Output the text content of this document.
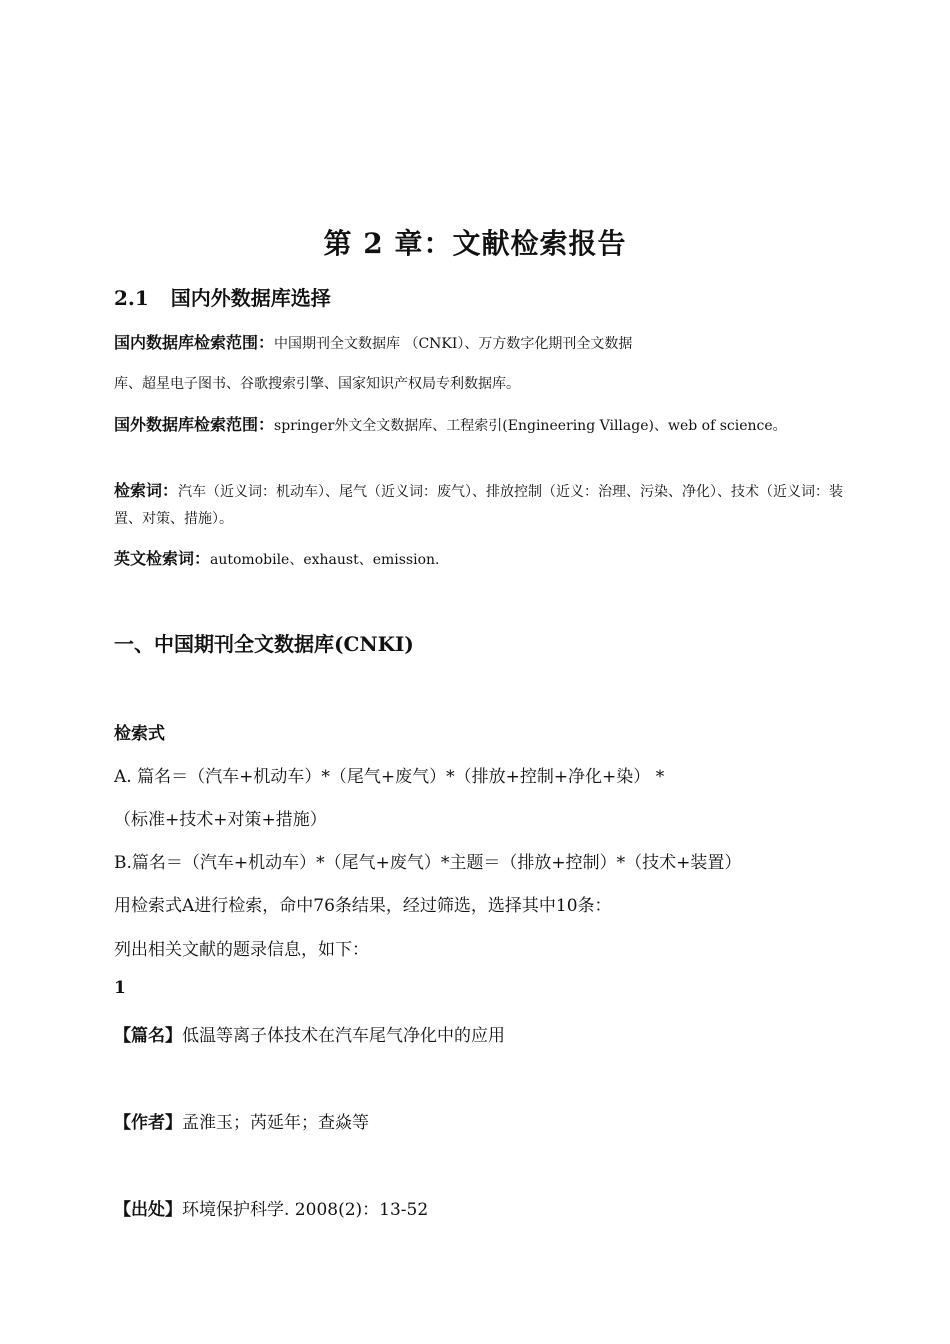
第 2 章：文献检索报告
2.1 国内外数据库选择
国内数据库检索范围：中国期刊全文数据库 （CNKI）、万方数字化期刊全文数据
库、超星电子图书、谷歌搜索引擎、国家知识产权局专利数据库。
国外数据库检索范围：springer外文全文数据库、工程索引(Engineering Village)、web of science。
检索词：汽车（近义词：机动车）、尾气（近义词：废气）、排放控制（近义：治理、污染、净化）、技术（近义词：装置、对策、措施）。
英文检索词：automobile、exhaust、emission.
一、中国期刊全文数据库(CNKI)
检索式
A. 篇名＝（汽车+机动车）*（尾气+废气）*（排放+控制+净化+染） *
（标准+技术+对策+措施）
B.篇名＝（汽车+机动车）*（尾气+废气）*主题＝（排放+控制）*（技术+装置）
用检索式A进行检索，命中76条结果，经过筛选，选择其中10条：
列出相关文献的题录信息，如下：
1
【篇名】低温等离子体技术在汽车尾气净化中的应用
【作者】孟淮玉；芮延年；查焱等
【出处】环境保护科学. 2008(2)：13-52
